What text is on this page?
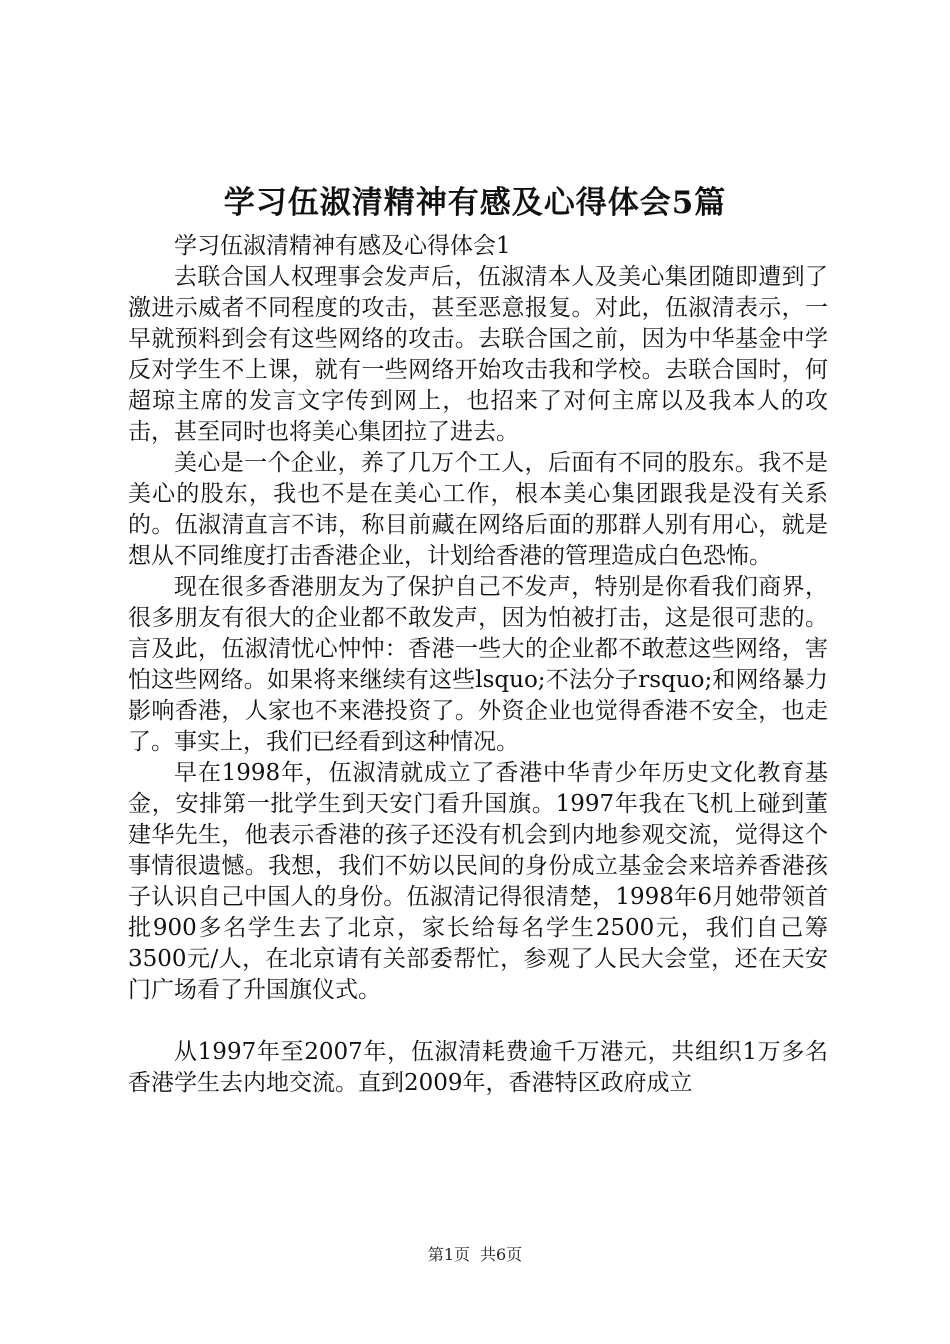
学习伍淑清精神有感及心得体会5篇

学习伍淑清精神有感及心得体会1

去联合国人权理事会发声后，伍淑清本人及美心集团随即遭到了激进示威者不同程度的攻击，甚至恶意报复。对此，伍淑清表示，一早就预料到会有这些网络的攻击。去联合国之前，因为中华基金中学反对学生不上课，就有一些网络开始攻击我和学校。去联合国时，何超琼主席的发言文字传到网上，也招来了对何主席以及我本人的攻击，甚至同时也将美心集团拉了进去。

美心是一个企业，养了几万个工人，后面有不同的股东。我不是美心的股东，我也不是在美心工作，根本美心集团跟我是没有关系的。伍淑清直言不讳，称目前藏在网络后面的那群人别有用心，就是想从不同维度打击香港企业，计划给香港的管理造成白色恐怖。

现在很多香港朋友为了保护自己不发声，特别是你看我们商界，很多朋友有很大的企业都不敢发声，因为怕被打击，这是很可悲的。言及此，伍淑清忧心忡忡：香港一些大的企业都不敢惹这些网络，害怕这些网络。如果将来继续有这些lsquo;不法分子rsquo;和网络暴力影响香港，人家也不来港投资了。外资企业也觉得香港不安全，也走了。事实上，我们已经看到这种情况。

早在1998年，伍淑清就成立了香港中华青少年历史文化教育基金，安排第一批学生到天安门看升国旗。1997年我在飞机上碰到董建华先生，他表示香港的孩子还没有机会到内地参观交流，觉得这个事情很遗憾。我想，我们不妨以民间的身份成立基金会来培养香港孩子认识自己中国人的身份。伍淑清记得很清楚，1998年6月她带领首批900多名学生去了北京，家长给每名学生2500元，我们自己筹3500元/人，在北京请有关部委帮忙，参观了人民大会堂，还在天安门广场看了升国旗仪式。

从1997年至2007年，伍淑清耗费逾千万港元，共组织1万多名香港学生去内地交流。直到2009年，香港特区政府成立

第1页 共6页
